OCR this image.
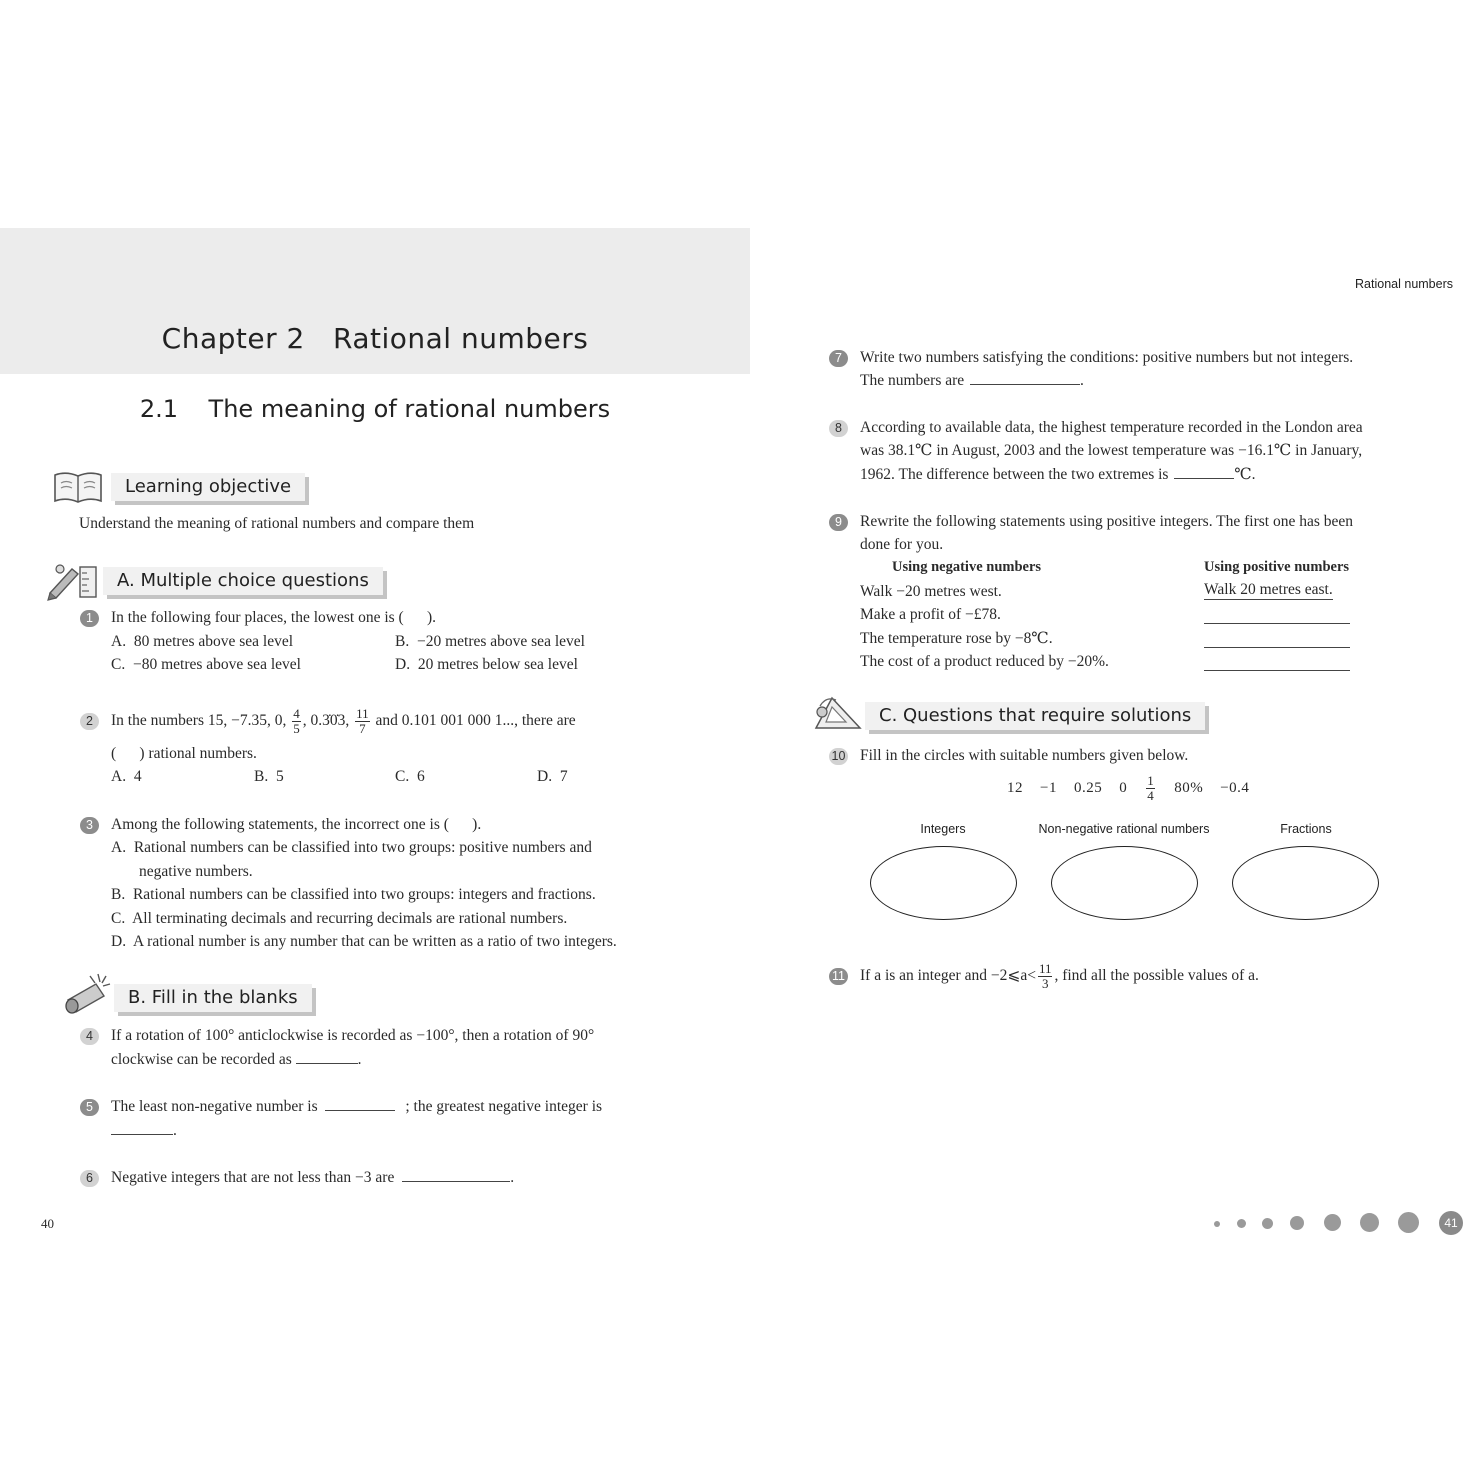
Chapter 2   Rational numbers
2.1    The meaning of rational numbers
Learning objective
Understand the meaning of rational numbers and compare them
A. Multiple choice questions
1	In the following four places, the lowest one is (      ).
A.  80 metres above sea level	B.  −20 metres above sea level
C.  −80 metres above sea level	D.  20 metres below sea level
2	In the numbers 15, −7.35, 0, $\frac{4}{5}$ , 0.3̇0̇3, $\frac{11}{7}$ and 0.101 001 000 1..., there are
(      ) rational numbers.
A.  4	B.  5	C.  6	D.  7
3	Among the following statements, the incorrect one is (      ).
A.  Rational numbers can be classified into two groups: positive numbers and
negative numbers.
B.  Rational numbers can be classified into two groups: integers and fractions.
C.  All terminating decimals and recurring decimals are rational numbers.
D.  A rational number is any number that can be written as a ratio of two integers.
B. Fill in the blanks
4	If a rotation of 100° anticlockwise is recorded as −100°, then a rotation of 90°
clockwise can be recorded as	.
5	The least non-negative number is	; the greatest negative integer is
.
6	Negative integers that are not less than −3 are	.
40
Rational numbers
7	Write two numbers satisfying the conditions: positive numbers but not integers.
The numbers are	.
8	According to available data, the highest temperature recorded in the London area
was 38.1℃ in August, 2003 and the lowest temperature was −16.1℃ in January,
1962. The difference between the two extremes is	℃.
9	Rewrite the following statements using positive integers. The first one has been
done for you.
Using negative numbers	Using positive numbers
Walk −20 metres west.	Walk 20 metres east.
Make a profit of −£78.
The temperature rose by −8℃.
The cost of a product reduced by −20%.
C. Questions that require solutions
10 Fill in the circles with suitable numbers given below.
12 −1 0.25 $0 \frac{1}{4} 80\% -0.4$
Integers	Non-negative rational numbers	Fractions
11 If a is an integer and −2⩽a< $\frac{11}{3}$ , find all the possible values of a.
41
